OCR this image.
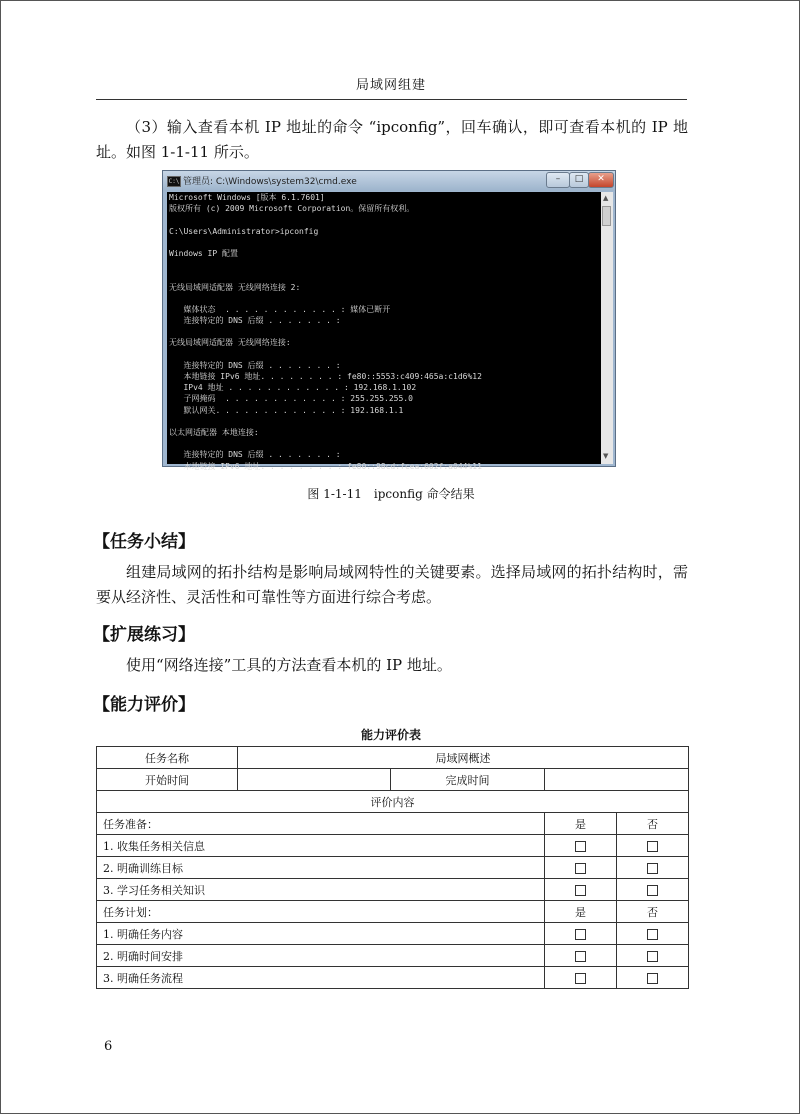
局域网组建
（3）输入查看本机 IP 地址的命令 “ipconfig”，回车确认，即可查看本机的 IP 地址。如图 1-1-11 所示。
C:\ 管理员: C:\Windows\system32\cmd.exe	–	□	✕
Microsoft Windows [版本 6.1.7601]
版权所有 (c) 2009 Microsoft Corporation。保留所有权利。
C:\Users\Administrator>ipconfig
Windows IP 配置
无线局域网适配器 无线网络连接 2:
媒体状态  . . . . . . . . . . . . : 媒体已断开
连接特定的 DNS 后缀 . . . . . . . :
无线局域网适配器 无线网络连接:
连接特定的 DNS 后缀 . . . . . . . :
本地链接 IPv6 地址. . . . . . . . : fe80::5553:c409:465a:c1d6%12
IPv4 地址 . . . . . . . . . . . . : 192.168.1.102
子网掩码  . . . . . . . . . . . . : 255.255.255.0
默认网关. . . . . . . . . . . . . : 192.168.1.1
以太网适配器 本地连接:
连接特定的 DNS 后缀 . . . . . . . :
本地链接 IPv6 地址. . . . . . . . : fe80::98cd:fcea:602f:a044%11
▲
▼
图 1-1-11　ipconfig 命令结果
【任务小结】
组建局域网的拓扑结构是影响局域网特性的关键要素。选择局域网的拓扑结构时，需要从经济性、灵活性和可靠性等方面进行综合考虑。
【扩展练习】
使用“网络连接”工具的方法查看本机的 IP 地址。
【能力评价】
能力评价表
任务名称	局域网概述			
开始时间		完成时间		
评价内容				
任务准备：			是	否
1. 收集任务相关信息				
2. 明确训练目标				
3. 学习任务相关知识				
任务计划：			是	否
1. 明确任务内容				
2. 明确时间安排				
3. 明确任务流程				
6
